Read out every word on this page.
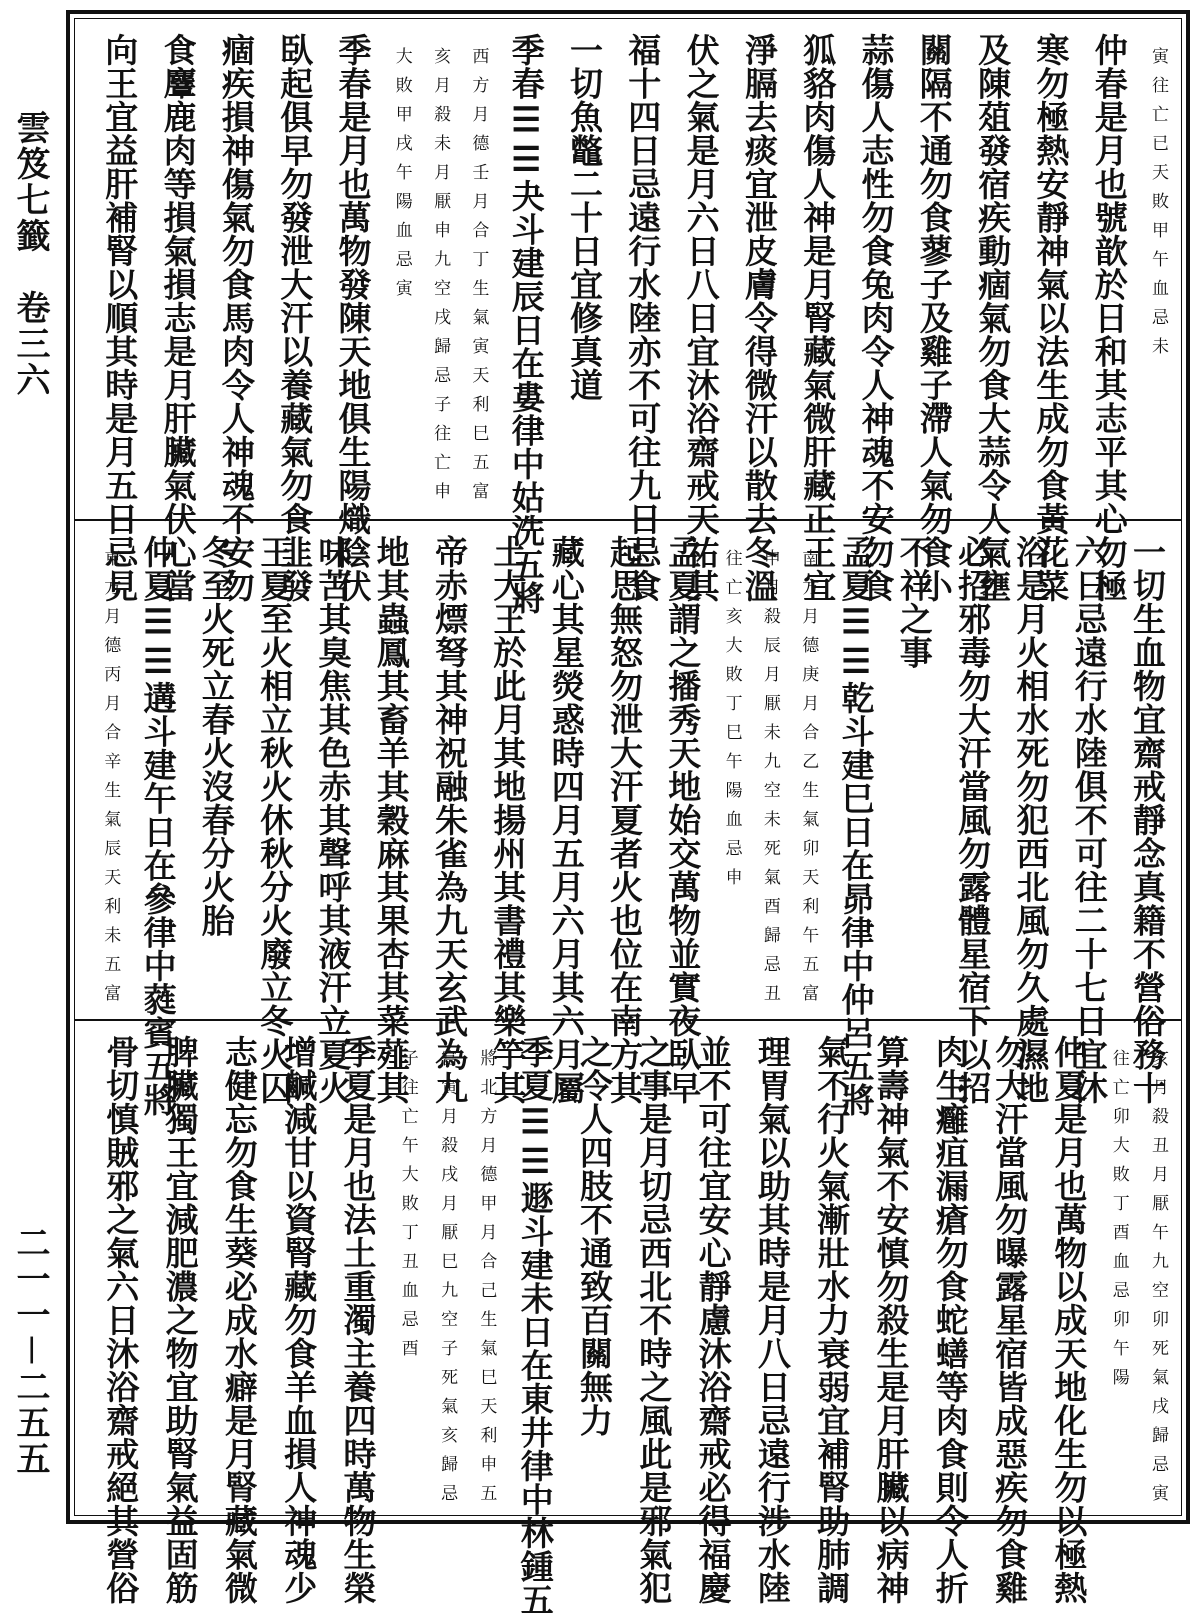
雲笈七籤　卷三六
二一一－二五五
寅往亡已天敗甲午血忌未
仲春是月也號歆於日和其志平其心勿極
寒勿極熱安靜神氣以法生成勿食黃花菜
及陳葅發宿疾動痼氣勿食大蒜令人氣壅
關隔不通勿食蓼子及雞子滯人氣勿食小
蒜傷人志性勿食兔肉令人神魂不安勿食
狐貉肉傷人神是月腎藏氣微肝藏正王宜
淨膈去痰宜泄皮膚令得微汗以散去冬溫
伏之氣是月六日八日宜沐浴齋戒天祐其
福十四日忌遠行水陸亦不可往九日忌食
一切魚鼈二十日宜修真道
季春☰☰夬斗建辰日在婁律中姑洗五將
西方月德壬月合丁生氣寅天利巳五富
亥月殺未月厭申九空戌歸忌子往亡申
大敗甲戌午陽血忌寅
季春是月也萬物發陳天地俱生陽熾陰伏
臥起俱早勿發泄大汗以養藏氣勿食韭發
痼疾損神傷氣勿食馬肉令人神魂不安勿
食麞鹿肉等損氣損志是月肝臟氣伏心當
向王宜益肝補腎以順其時是月五日忌見
一切生血物宜齋戒靜念真籍不營俗務十
六日忌遠行水陸俱不可往二十七日宜沐
浴是月火相水死勿犯西北風勿久處濕地
必招邪毒勿大汗當風勿露體星宿下以招
不祥之事
孟夏☰☰乾斗建巳日在昴律中仲呂五將
南方月德庚月合乙生氣卯天利午五富
申月殺辰月厭未九空未死氣酉歸忌丑
往亡亥大敗丁巳午陽血忌申
孟夏謂之播秀天地始交萬物並實夜臥早
起思無怒勿泄大汗夏者火也位在南方其
藏心其星熒惑時四月五月六月其六月屬
土大王於此月其地揚州其書禮其樂竽其
帝赤熛弩其神祝融朱雀為九天玄武為九
地其蟲鳳其畜羊其穀麻其果杏其菜薤其
味苦其臭焦其色赤其聲呼其液汗立夏火
王夏至火相立秋火休秋分火廢立冬火囚
冬至火死立春火沒春分火胎
仲夏☰☰遘斗建午日在參律中蕤賓五將
東方月德丙月合辛生氣辰天利未五富
亥月殺丑月厭午九空卯死氣戌歸忌寅
往亡卯大敗丁酉血忌卯午陽
仲夏是月也萬物以成天地化生勿以極熱
勿大汗當風勿曝露星宿皆成惡疾勿食雞
肉生癰疽漏瘡勿食蛇蟮等肉食則令人折
算壽神氣不安慎勿殺生是月肝臟以病神
氣不行火氣漸壯水力衰弱宜補腎助肺調
理胃氣以助其時是月八日忌遠行涉水陸
並不可往宜安心靜慮沐浴齋戒必得福慶
之事是月切忌西北不時之風此是邪氣犯
之令人四肢不通致百關無力
季夏☰☰遯斗建未日在東井律中林鍾五
將北方月德甲月合己生氣巳天利申五
富寅月殺戌月厭巳九空子死氣亥歸忌
子往亡午大敗丁丑血忌酉
季夏是月也法土重濁主養四時萬物生榮
增鹹減甘以資腎藏勿食羊血損人神魂少
志健忘勿食生葵必成水癖是月腎藏氣微
脾臟獨王宜減肥濃之物宜助腎氣益固筋
骨切慎賊邪之氣六日沐浴齋戒絕其營俗
